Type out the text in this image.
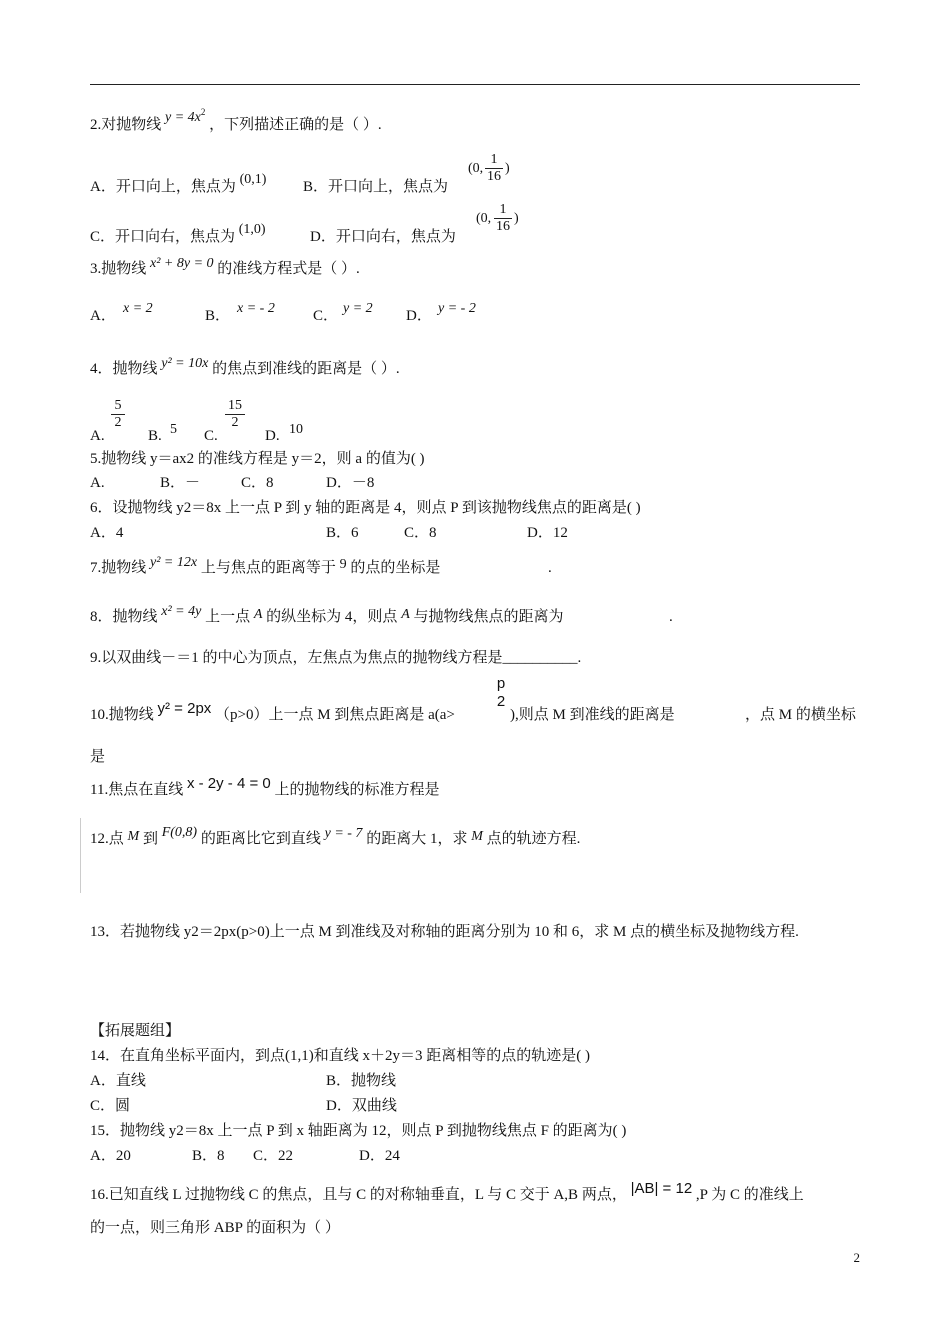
2.对抛物线 $y = 4x^2$ ，下列描述正确的是（ ）.
A．开口向上，焦点为 (0,1) B．开口向上，焦点为
(0, $\frac{1}{16}$ )
C．开口向右，焦点为 (1,0)	D．开口向右，焦点为
(0, $\frac{1}{16}$ )
3.抛物线 x² + 8y = 0 的准线方程式是（ ）.
A． x = 2	B． x = - 2	C． y = 2 D． y = - 2
4．抛物线 y² = 10x 的焦点到准线的距离是（ ）.
A.
$\frac{5}{2}$
B. 5 C.
$\frac{15}{2}$
D. 10
5.抛物线 y＝ax2 的准线方程是 y＝2，则 a 的值为( )
A.	B．－	C．8	D．－8
6．设抛物线 y2＝8x 上一点 P 到 y 轴的距离是 4，则点 P 到该抛物线焦点的距离是( )
A．4	B．6	C．8	D．12
7.抛物线 y² = 12x 上与焦点的距离等于 9 的点的坐标是	.
8．抛物线 x² = 4y 上一点 A 的纵坐标为 4，则点 A 与抛物线焦点的距离为	.
9.以双曲线－＝1 的中心为顶点，左焦点为焦点的抛物线方程是__________.
10.抛物线 y² = 2px （p>0）上一点 M 到焦点距离是 a(a>
p
2
),则点 M 到准线的距离是	，点 M 的横坐标
是
11.焦点在直线 x - 2y - 4 = 0 上的抛物线的标准方程是
12.点 M 到 F(0,8) 的距离比它到直线 y = - 7 的距离大 1，求 M 点的轨迹方程.
13．若抛物线 y2＝2px(p>0)上一点 M 到准线及对称轴的距离分别为 10 和 6，求 M 点的横坐标及抛物线方程.
【拓展题组】
14．在直角坐标平面内，到点(1,1)和直线 x＋2y＝3 距离相等的点的轨迹是( )
A．直线	B．抛物线
C．圆	D．双曲线
15．抛物线 y2＝8x 上一点 P 到 x 轴距离为 12，则点 P 到抛物线焦点 F 的距离为( )
A．20	B．8 C．22	D．24
16.已知直线 L 过抛物线 C 的焦点，且与 C 的对称轴垂直，L 与 C 交于 A,B 两点， |AB| = 12 ,P 为 C 的准线上
的一点，则三角形 ABP 的面积为（ ）
2
